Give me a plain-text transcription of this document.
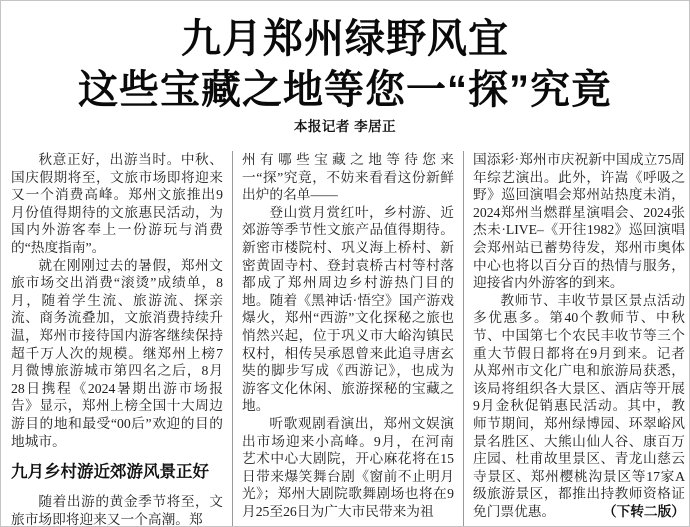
九月郑州绿野风宜
这些宝藏之地等您一“探”究竟
本报记者 李居正

秋意正好，出游当时。中秋、国庆假期将至，文旅市场即将迎来又一个消费高峰。郑州文旅推出9月份值得期待的文旅惠民活动，为国内外游客奉上一份游玩与消费的“热度指南”。

就在刚刚过去的暑假，郑州文旅市场交出消费“滚烫”成绩单，8月，随着学生流、旅游流、探亲流、商务流叠加，文旅消费持续升温，郑州市接待国内游客继续保持超千万人次的规模。继郑州上榜7月微博旅游城市第四名之后，8月28日携程《2024暑期出游市场报告》显示，郑州上榜全国十大周边游目的地和最受“00后”欢迎的目的地城市。

九月乡村游近郊游风景正好

随着出游的黄金季节将至，文旅市场即将迎来又一个高潮。郑

州有哪些宝藏之地等待您来一“探”究竟，不妨来看看这份新鲜出炉的名单——

登山赏月赏红叶，乡村游、近郊游等季节性文旅产品值得期待。新密市楼院村、巩义海上桥村、新密黄固寺村、登封袁桥古村等村落都成了郑州周边乡村游热门目的地。随着《黑神话·悟空》国产游戏爆火，郑州“西游”文化探秘之旅也悄然兴起，位于巩义市大峪沟镇民权村，相传吴承恩曾来此追寻唐玄奘的脚步写成《西游记》，也成为游客文化休闲、旅游探秘的宝藏之地。

听歌观剧看演出，郑州文娱演出市场迎来小高峰。9月，在河南艺术中心大剧院，开心麻花将在15日带来爆笑舞台剧《窗前不止明月光》；郑州大剧院歌舞剧场也将在9月25至26日为广大市民带来为祖

国添彩·郑州市庆祝新中国成立75周年综艺演出。此外，许嵩《呼吸之野》巡回演唱会郑州站热度未消，2024郑州当燃群星演唱会、2024张杰未·LIVE–《开往1982》巡回演唱会郑州站已蓄势待发，郑州市奥体中心也将以百分百的热情与服务，迎接省内外游客的到来。

教师节、丰收节景区景点活动多优惠多。第40个教师节、中秋节、中国第七个农民丰收节等三个重大节假日都将在9月到来。记者从郑州市文化广电和旅游局获悉，该局将组织各大景区、酒店等开展9月金秋促销惠民活动。其中，教师节期间，郑州绿博园、环翠峪风景名胜区、大熊山仙人谷、康百万庄园、杜甫故里景区、青龙山慈云寺景区、郑州樱桃沟景区等17家A级旅游景区，都推出持教师资格证免门票优惠。	（下转二版）
